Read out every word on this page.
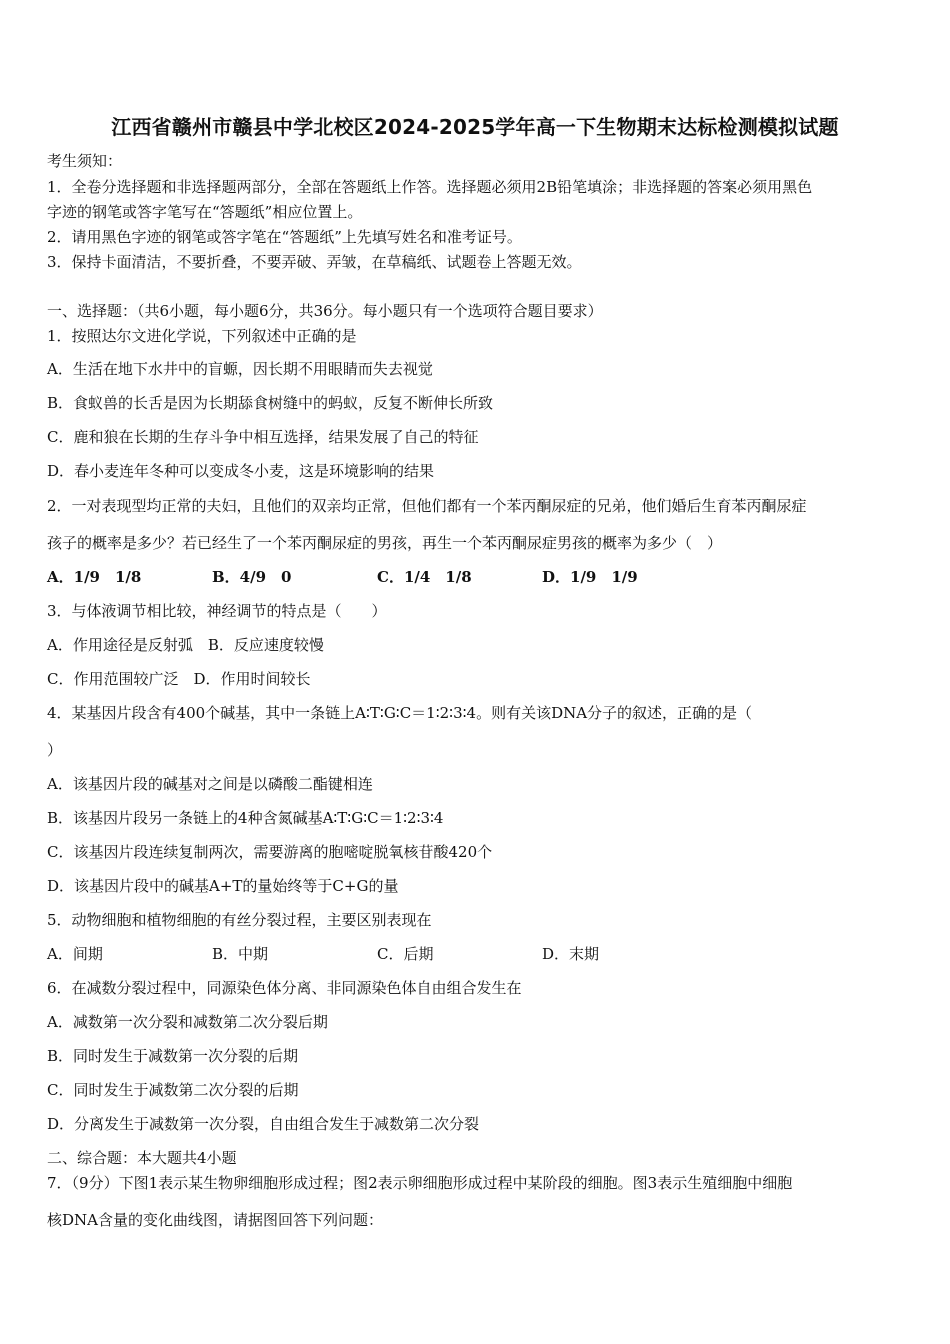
江西省赣州市赣县中学北校区2024-2025学年高一下生物期末达标检测模拟试题
考生须知：
1．全卷分选择题和非选择题两部分，全部在答题纸上作答。选择题必须用2B铅笔填涂；非选择题的答案必须用黑色
字迹的钢笔或答字笔写在“答题纸”相应位置上。
2．请用黑色字迹的钢笔或答字笔在“答题纸”上先填写姓名和准考证号。
3．保持卡面清洁，不要折叠，不要弄破、弄皱，在草稿纸、试题卷上答题无效。
一、选择题：（共6小题，每小题6分，共36分。每小题只有一个选项符合题目要求）
1．按照达尔文进化学说，下列叙述中正确的是
A．生活在地下水井中的盲螈，因长期不用眼睛而失去视觉
B．食蚁兽的长舌是因为长期舔食树缝中的蚂蚁，反复不断伸长所致
C．鹿和狼在长期的生存斗争中相互选择，结果发展了自己的特征
D．春小麦连年冬种可以变成冬小麦，这是环境影响的结果
2．一对表现型均正常的夫妇，且他们的双亲均正常，但他们都有一个苯丙酮尿症的兄弟，他们婚后生育苯丙酮尿症
孩子的概率是多少？若已经生了一个苯丙酮尿症的男孩，再生一个苯丙酮尿症男孩的概率为多少（　）
A．1/9　1/8	B．4/9　0	C．1/4　1/8	D．1/9　1/9
3．与体液调节相比较，神经调节的特点是（　　）
A．作用途径是反射弧　B．反应速度较慢
C．作用范围较广泛　D．作用时间较长
4．某基因片段含有400个碱基，其中一条链上A∶T∶G∶C＝1∶2∶3∶4。则有关该DNA分子的叙述，正确的是（
）
A．该基因片段的碱基对之间是以磷酸二酯键相连
B．该基因片段另一条链上的4种含氮碱基A∶T∶G∶C＝1∶2∶3∶4
C．该基因片段连续复制两次，需要游离的胞嘧啶脱氧核苷酸420个
D．该基因片段中的碱基A+T的量始终等于C+G的量
5．动物细胞和植物细胞的有丝分裂过程，主要区别表现在
A．间期	B．中期	C．后期	D．末期
6．在减数分裂过程中，同源染色体分离、非同源染色体自由组合发生在
A．减数第一次分裂和减数第二次分裂后期
B．同时发生于减数第一次分裂的后期
C．同时发生于减数第二次分裂的后期
D．分离发生于减数第一次分裂，自由组合发生于减数第二次分裂
二、综合题：本大题共4小题
7．（9分）下图1表示某生物卵细胞形成过程；图2表示卵细胞形成过程中某阶段的细胞。图3表示生殖细胞中细胞
核DNA含量的变化曲线图，请据图回答下列问题：
